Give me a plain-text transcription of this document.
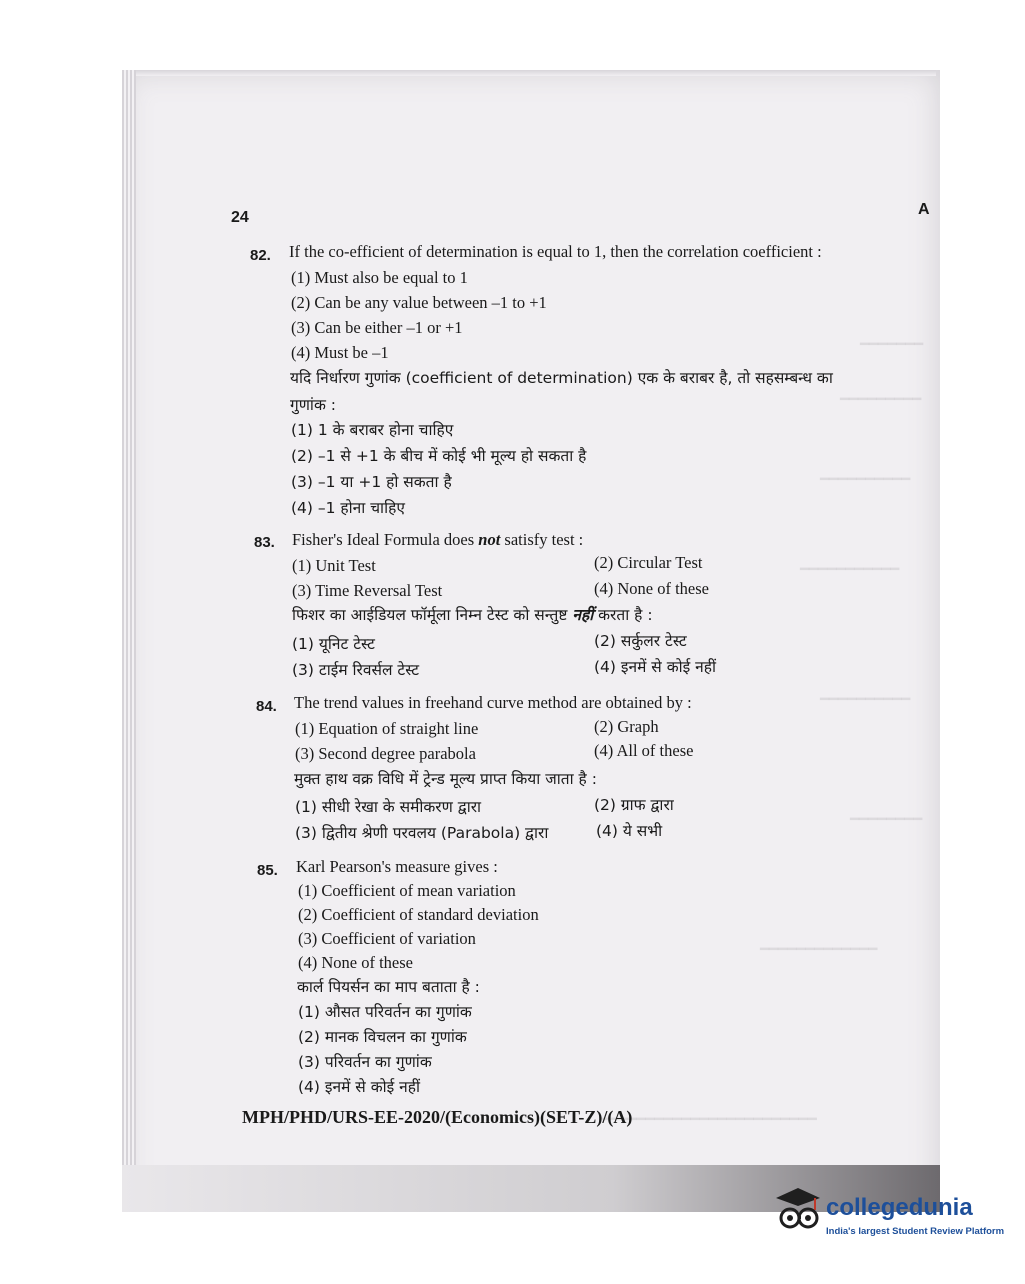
━━━━━━━
━━━━━━━━━
━━━━━━━━━━
━━━━━━━━━━━
━━━━━━━━━━
━━━━━━━━
━━━━━━━━━━━━━
━━━━━━━━━━━━━━━━━━━━━━━━
24	A
82. If the co-efficient of determination is equal to 1, then the correlation coefficient :
(1) Must also be equal to 1
(2) Can be any value between –1 to +1
(3) Can be either –1 or +1
(4) Must be –1
यदि निर्धारण गुणांक (coefficient of determination) एक के बराबर है, तो सहसम्बन्ध का
गुणांक :
(1) 1 के बराबर होना चाहिए
(2) –1 से +1 के बीच में कोई भी मूल्य हो सकता है
(3) –1 या +1 हो सकता है
(4) –1 होना चाहिए
83. Fisher's Ideal Formula does not satisfy test :
(1) Unit Test	(2) Circular Test
(3) Time Reversal Test	(4) None of these
फिशर का आईडियल फॉर्मूला निम्न टेस्ट को सन्तुष्ट नहीं करता है :
(1) यूनिट टेस्ट	(2) सर्कुलर टेस्ट
(3) टाईम रिवर्सल टेस्ट	(4) इनमें से कोई नहीं
84. The trend values in freehand curve method are obtained by :
(1) Equation of straight line	(2) Graph
(3) Second degree parabola	(4) All of these
मुक्त हाथ वक्र विधि में ट्रेन्ड मूल्य प्राप्त किया जाता है :
(1) सीधी रेखा के समीकरण द्वारा	(2) ग्राफ द्वारा
(3) द्वितीय श्रेणी परवलय (Parabola) द्वारा	(4) ये सभी
85. Karl Pearson's measure gives :
(1) Coefficient of mean variation
(2) Coefficient of standard deviation
(3) Coefficient of variation
(4) None of these
कार्ल पियर्सन का माप बताता है :
(1) औसत परिवर्तन का गुणांक
(2) मानक विचलन का गुणांक
(3) परिवर्तन का गुणांक
(4) इनमें से कोई नहीं
MPH/PHD/URS-EE-2020/(Economics)(SET-Z)/(A)
collegedunia
India's largest Student Review Platform
